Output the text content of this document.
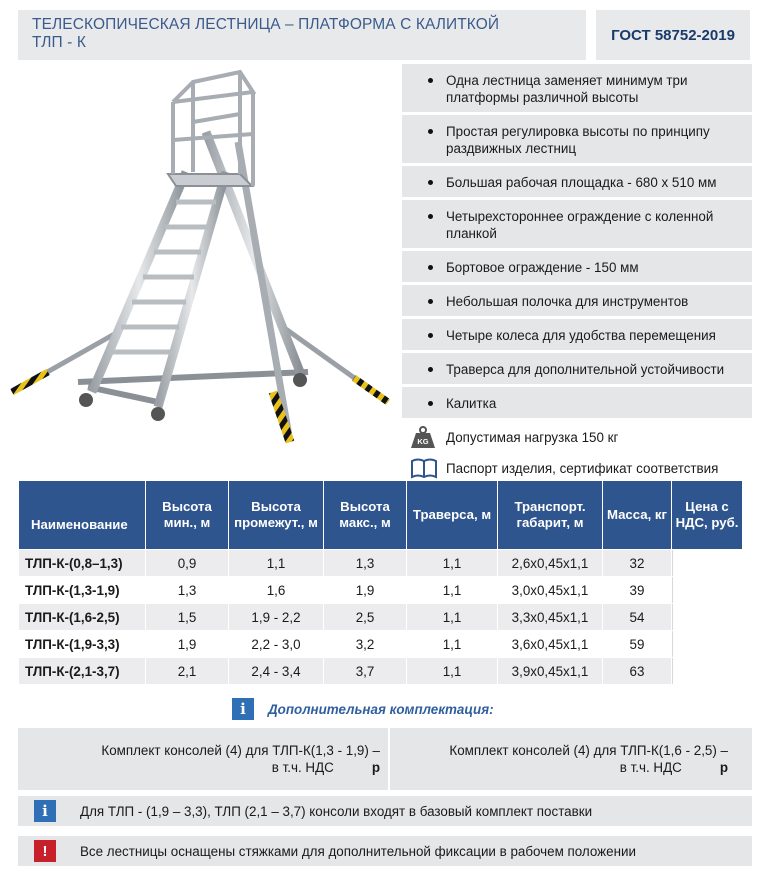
ТЕЛЕСКОПИЧЕСКАЯ ЛЕСТНИЦА – ПЛАТФОРМА С КАЛИТКОЙ
ТЛП - К	ГОСТ 58752-2019
Одна лестница заменяет минимум три платформы различной высоты
Простая регулировка высоты по принципу раздвижных лестниц
Большая рабочая площадка - 680 х 510 мм
Четырехстороннее ограждение с коленной планкой
Бортовое ограждение - 150 мм
Небольшая полочка для инструментов
Четыре колеса для удобства перемещения
Траверса для дополнительной устойчивости
Калитка
KG Допустимая нагрузка 150 кг
Паспорт изделия, сертификат соответствия
Наименование	Высота мин., м	Высота промежут., м	Высота макс., м	Траверса, м	Транспорт. габарит, м	Масса, кг	Цена с НДС, руб.
ТЛП-К-(0,8–1,3)	0,9	1,1	1,3	1,1	2,6х0,45х1,1	32	
ТЛП-К-(1,3-1,9)	1,3	1,6	1,9	1,1	3,0х0,45х1,1	39	
ТЛП-К-(1,6-2,5)	1,5	1,9 - 2,2	2,5	1,1	3,3х0,45х1,1	54	
ТЛП-К-(1,9-3,3)	1,9	2,2 - 3,0	3,2	1,1	3,6х0,45х1,1	59	
ТЛП-К-(2,1-3,7)	2,1	2,4 - 3,4	3,7	1,1	3,9х0,45х1,1	63	
i	Дополнительная комплектация:
Комплект консолей (4) для ТЛП-К(1,3 - 1,9) –
в т.ч. НДС	р
Комплект консолей (4) для ТЛП-К(1,6 - 2,5) –
в т.ч. НДС	р
i	Для ТЛП - (1,9 – 3,3), ТЛП (2,1 – 3,7) консоли входят в базовый комплект поставки
!	Все лестницы оснащены стяжками для дополнительной фиксации в рабочем положении
